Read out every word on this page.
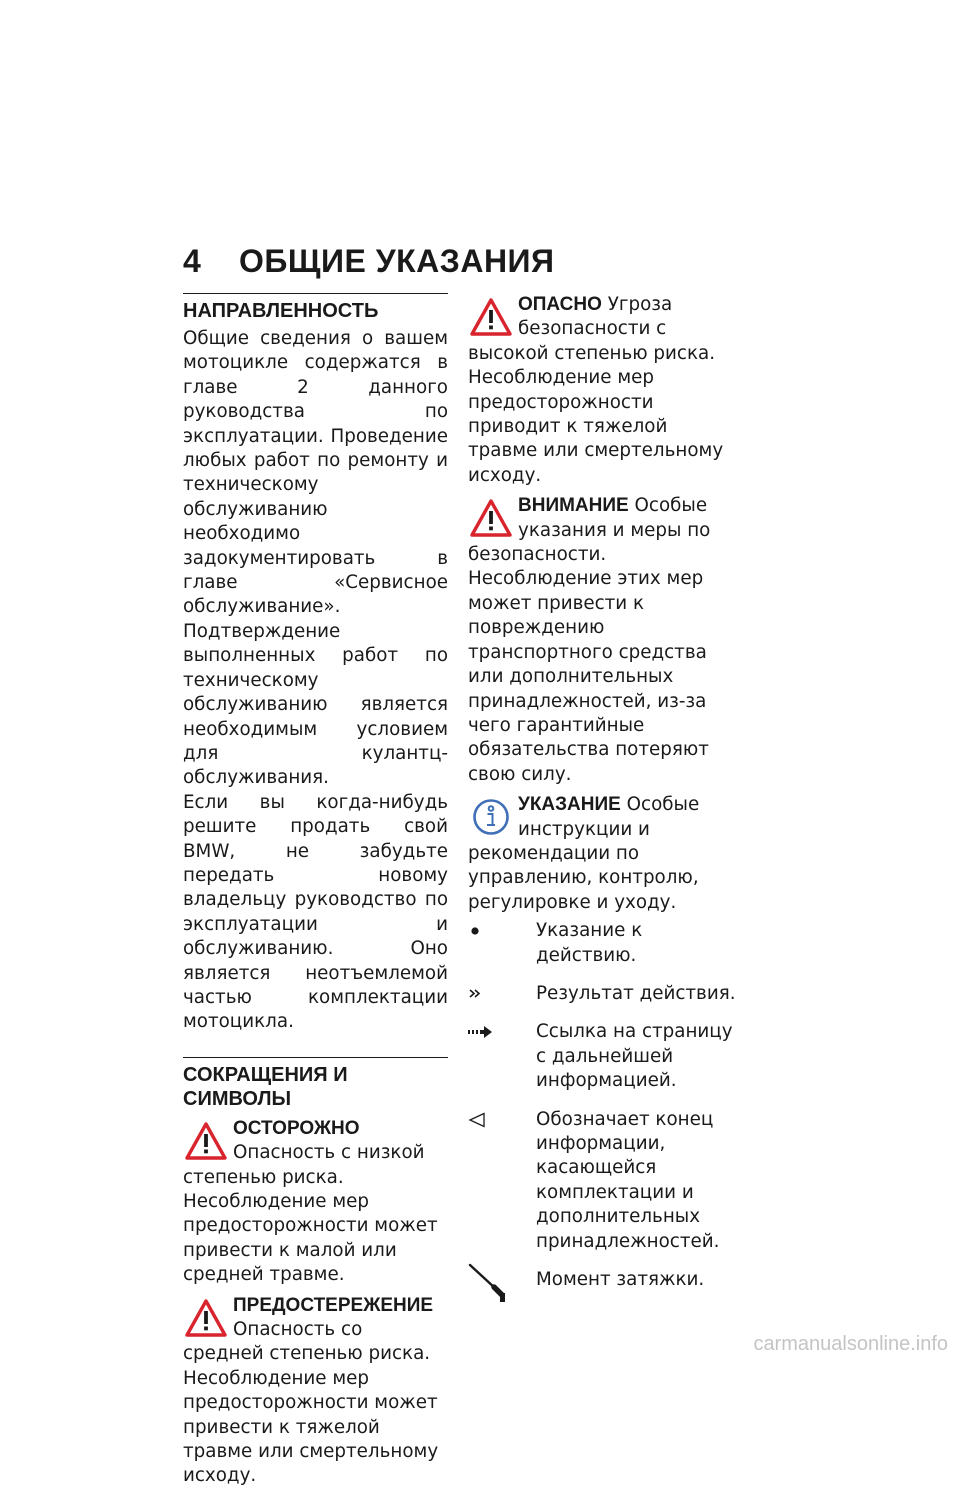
4 ОБЩИЕ УКАЗАНИЯ
НАПРАВЛЕННОСТЬ

Общие сведения о вашем мотоцикле содержатся в главе 2 данного руководства по эксплуатации. Проведение любых работ по ремонту и техническому обслуживанию необходимо задокументировать в главе «Сервисное обслуживание». Подтверждение выполненных работ по техническому обслуживанию является необходимым условием для кулантц-обслуживания.

Если вы когда-нибудь решите продать свой BMW, не забудьте передать новому владельцу руководство по эксплуатации и обслуживанию. Оно является неотъемлемой частью комплектации мотоцикла.

СОКРАЩЕНИЯ И СИМВОЛЫ
ОСТОРОЖНО Опасность с низкой степенью риска. Несоблюдение мер предосторожности может привести к малой или средней травме.
ПРЕДОСТЕРЕЖЕНИЕ Опасность со средней степенью риска. Несоблюдение мер предосторожности может привести к тяжелой травме или смертельному исходу.
ОПАСНО Угроза безопасности с высокой степенью риска. Несоблюдение мер предосторожности приводит к тяжелой травме или смертельному исходу.
ВНИМАНИЕ Особые указания и меры по безопасности. Несоблюдение этих мер может привести к повреждению транспортного средства или дополнительных принадлежностей, из-за чего гарантийные обязательства потеряют свою силу.
УКАЗАНИЕ Особые инструкции и рекомендации по управлению, контролю, регулировке и уходу.
Указание к действию.
Результат действия.
Ссылка на страницу с дальнейшей информацией.
Обозначает конец информации, касающейся комплектации и дополнительных принадлежностей.
Момент затяжки.
carmanualsonline.info
